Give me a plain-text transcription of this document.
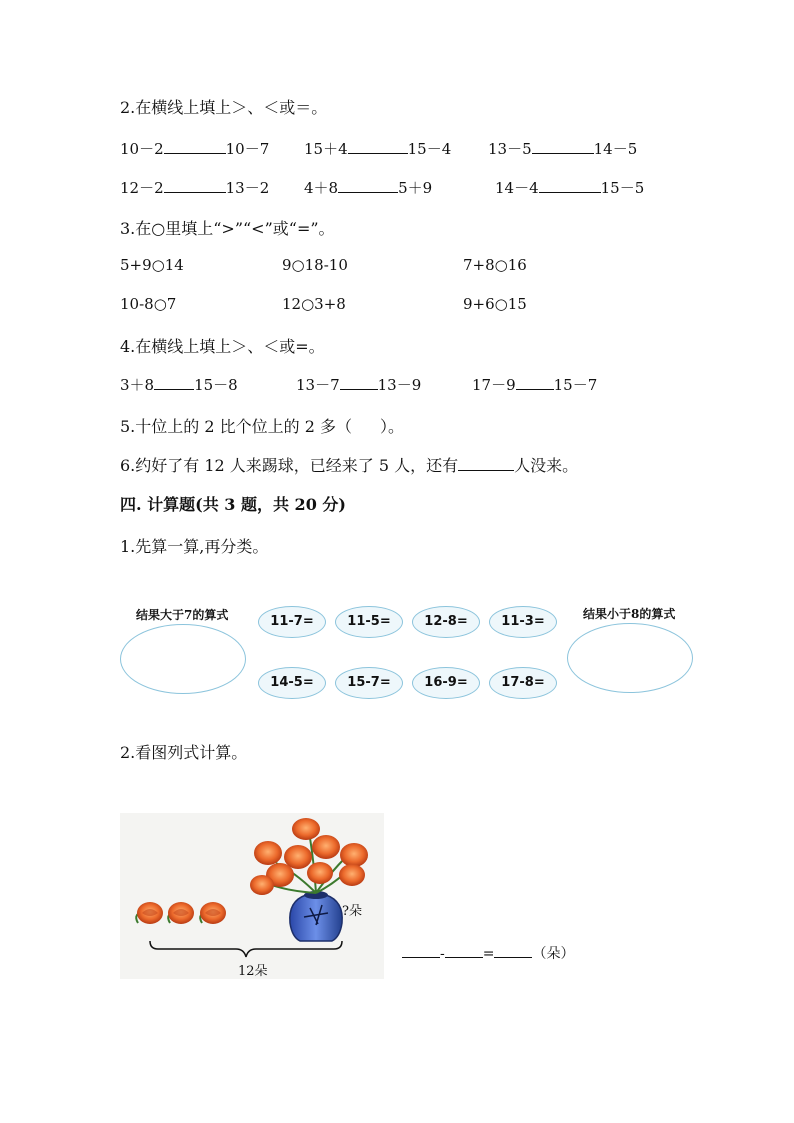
2.在横线上填上＞、＜或＝。
10－2	10－7 15＋4	15－4 13－5	14－5
12－2	13－2 4＋8	5＋9	14－4	15－5
3.在○里填上“>”“<”或“=”。
5+9○14	9○18-10	7+8○16
10-8○7	12○3+8	9+6○15
4.在横线上填上＞、＜或=。
3＋8	15－8	13－7	13－9	17－9	15－7
5.十位上的 2 比个位上的 2 多（ ）。
6.约好了有 12 人来踢球，已经来了 5 人，还有	人没来。
四. 计算题(共 3 题，共 20 分)
1.先算一算,再分类。
结果大于7的算式	结果小于8的算式
11-7=	11-5=	12-8=	11-3=
14-5=	15-7=	16-9=	17-8=
2.看图列式计算。
?朵
12朵
-	=	（朵）
